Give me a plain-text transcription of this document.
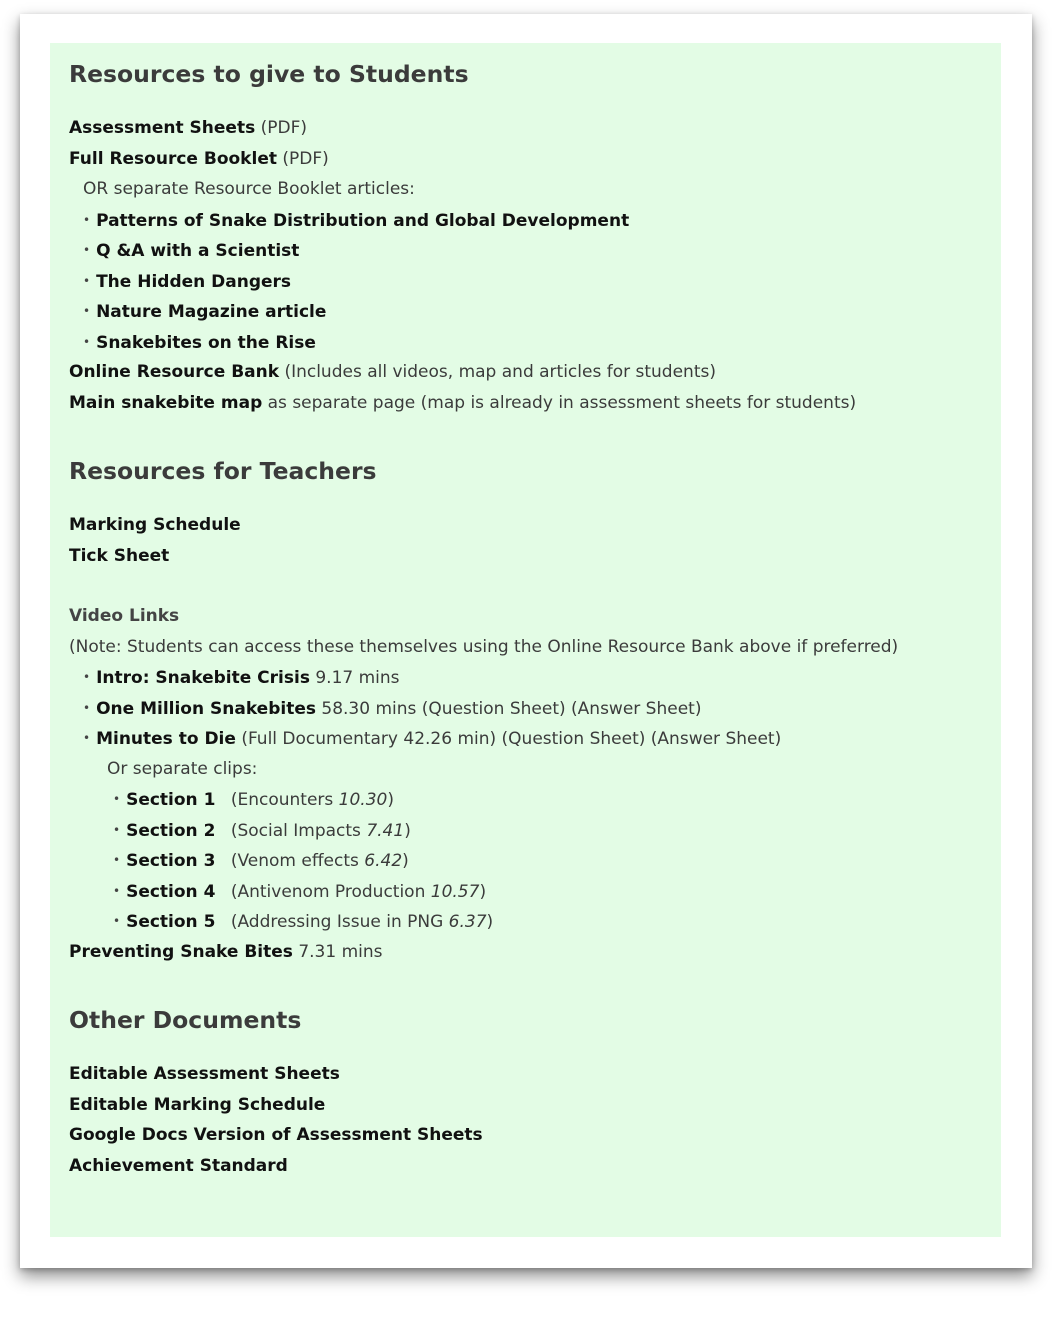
Resources to give to Students
Assessment Sheets (PDF)
Full Resource Booklet (PDF)
OR separate Resource Booklet articles:
• Patterns of Snake Distribution and Global Development
• Q &A with a Scientist
• The Hidden Dangers
• Nature Magazine article
• Snakebites on the Rise
Online Resource Bank (Includes all videos, map and articles for students)
Main snakebite map as separate page (map is already in assessment sheets for students)
Resources for Teachers
Marking Schedule
Tick Sheet
Video Links
(Note: Students can access these themselves using the Online Resource Bank above if preferred)
• Intro: Snakebite Crisis 9.17 mins
• One Million Snakebites 58.30 mins (Question Sheet) (Answer Sheet)
• Minutes to Die (Full Documentary 42.26 min) (Question Sheet) (Answer Sheet)
Or separate clips:
• Section 1 (Encounters 10.30)
• Section 2 (Social Impacts 7.41)
• Section 3 (Venom effects 6.42)
• Section 4 (Antivenom Production 10.57)
• Section 5 (Addressing Issue in PNG 6.37)
Preventing Snake Bites 7.31 mins
Other Documents
Editable Assessment Sheets
Editable Marking Schedule
Google Docs Version of Assessment Sheets
Achievement Standard
